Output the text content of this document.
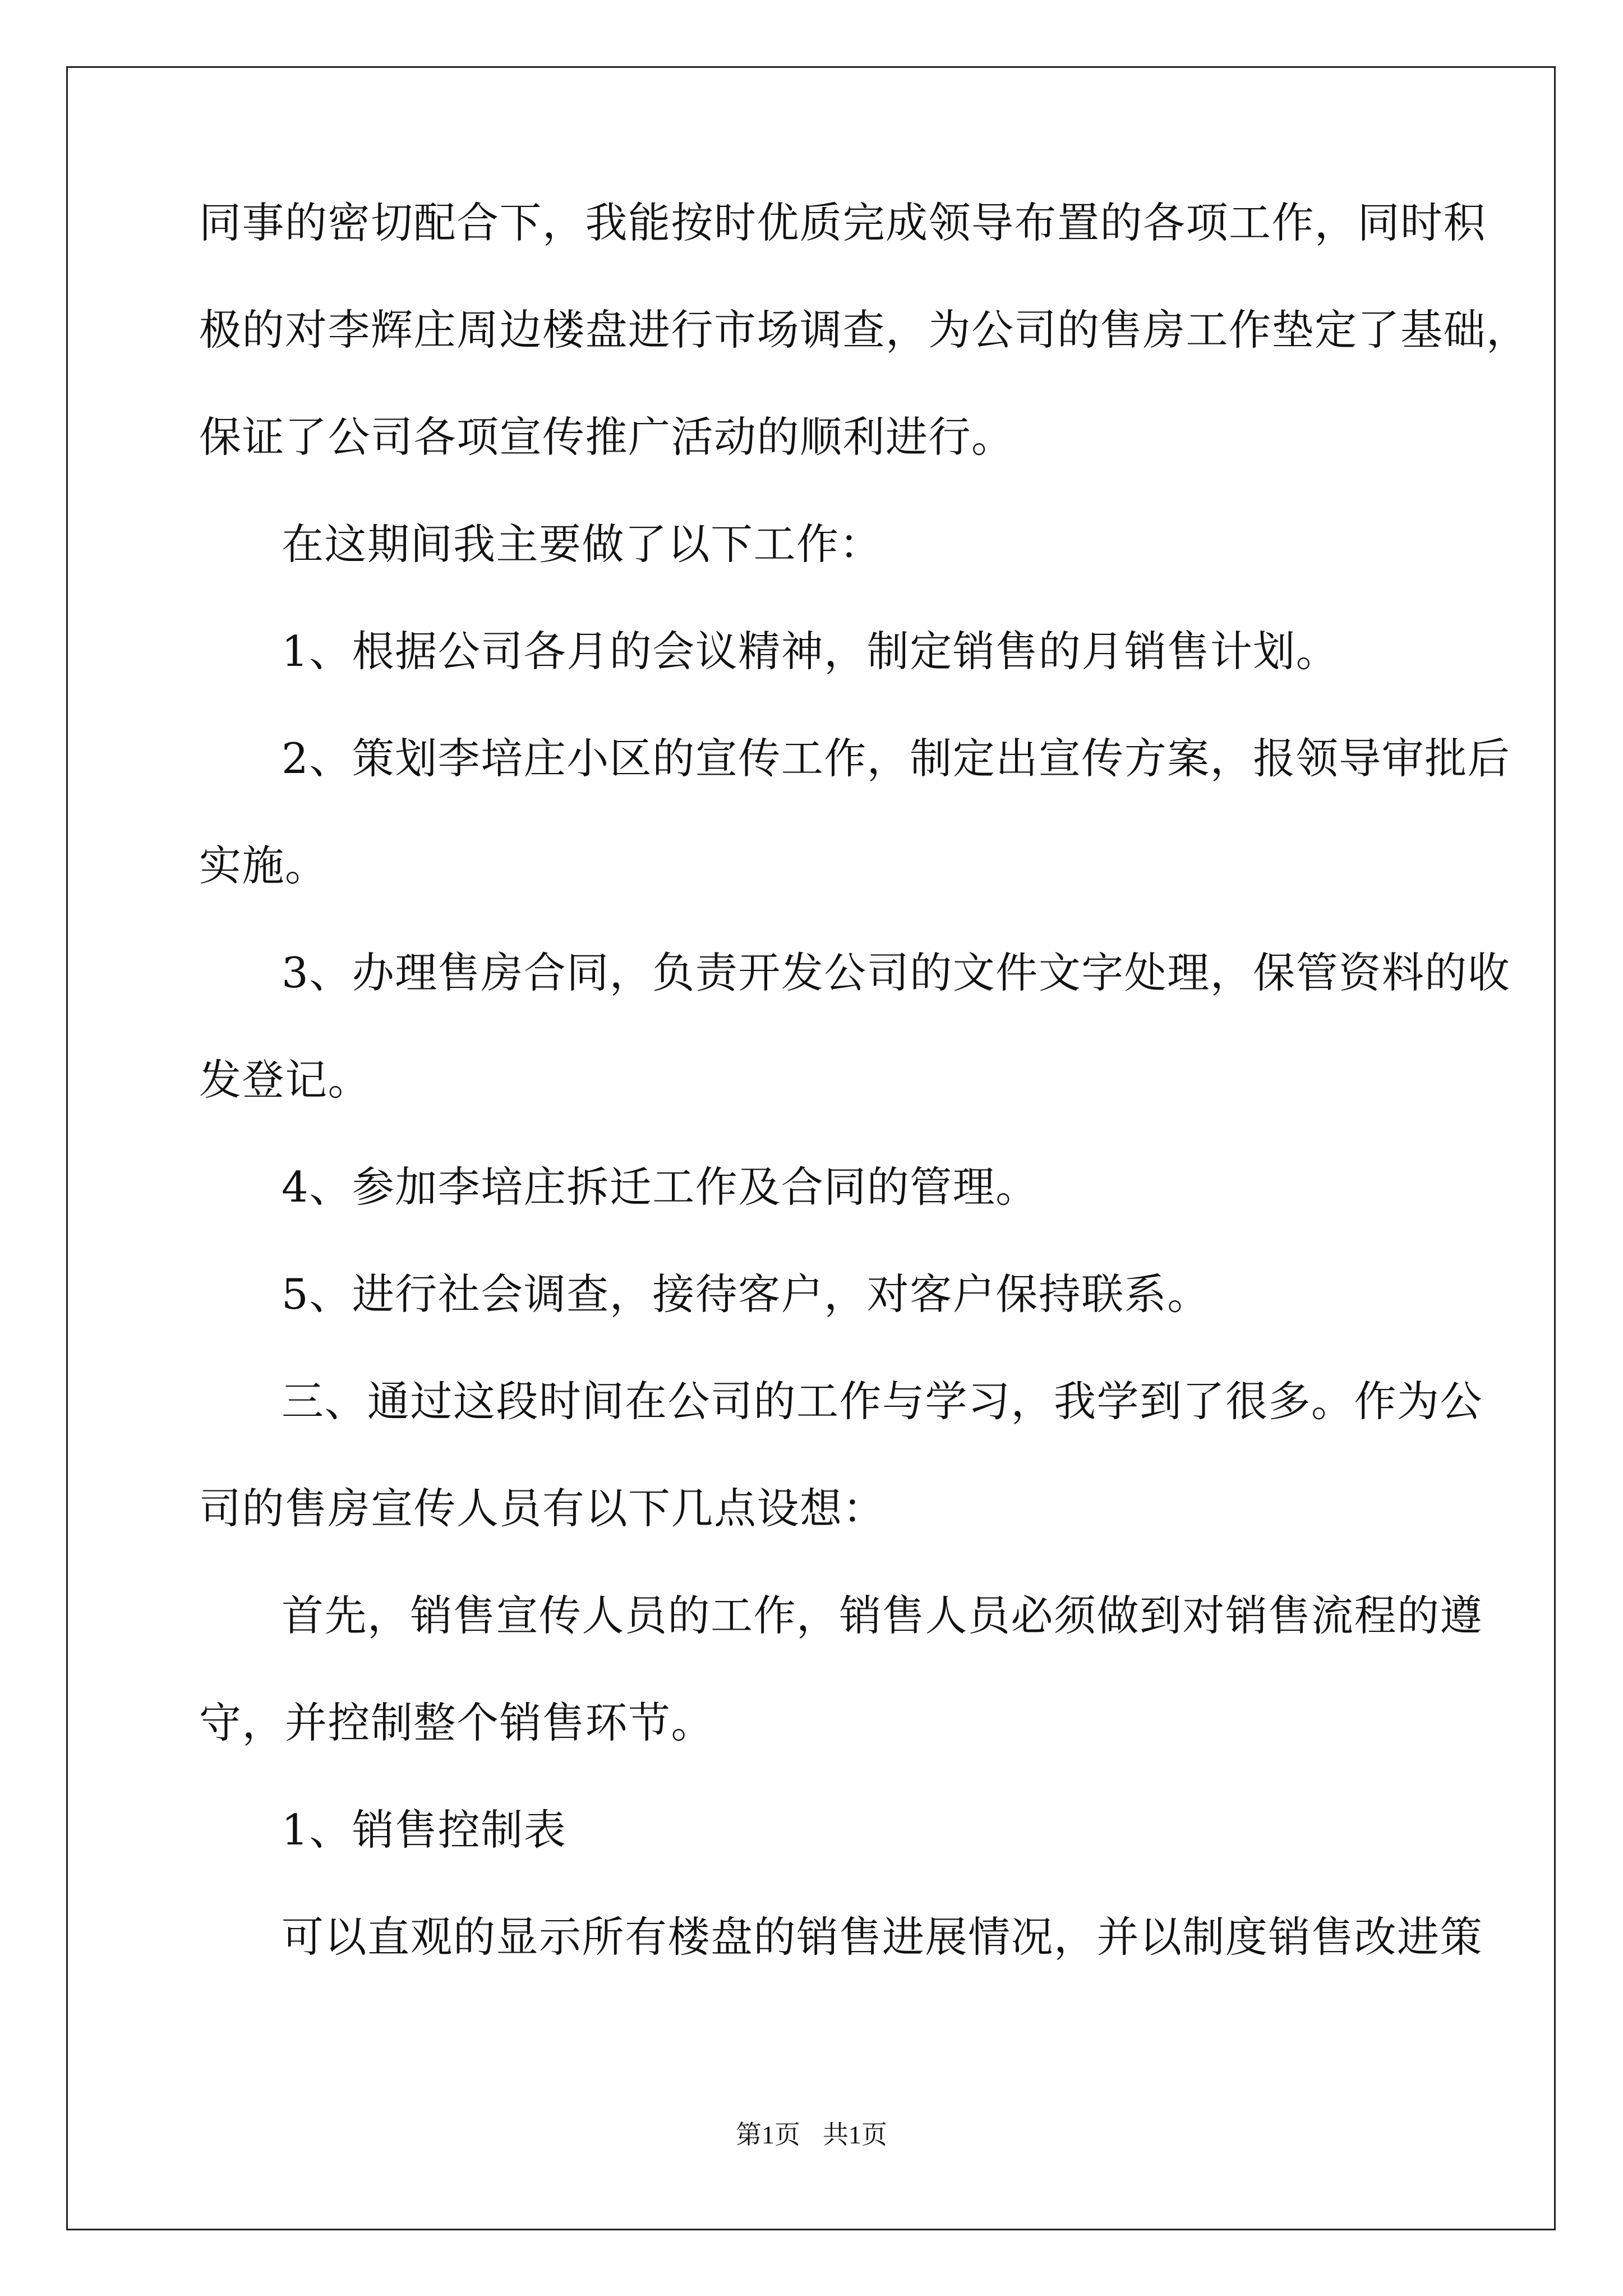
同事的密切配合下，我能按时优质完成领导布置的各项工作，同时积
极的对李辉庄周边楼盘进行市场调查，为公司的售房工作垫定了基础，
保证了公司各项宣传推广活动的顺利进行。
在这期间我主要做了以下工作：
1、根据公司各月的会议精神，制定销售的月销售计划。
2、策划李培庄小区的宣传工作，制定出宣传方案，报领导审批后
实施。
3、办理售房合同，负责开发公司的文件文字处理，保管资料的收
发登记。
4、参加李培庄拆迁工作及合同的管理。
5、进行社会调查，接待客户，对客户保持联系。
三、通过这段时间在公司的工作与学习，我学到了很多。作为公
司的售房宣传人员有以下几点设想：
首先，销售宣传人员的工作，销售人员必须做到对销售流程的遵
守，并控制整个销售环节。
1、销售控制表
可以直观的显示所有楼盘的销售进展情况，并以制度销售改进策
第1页 共1页
